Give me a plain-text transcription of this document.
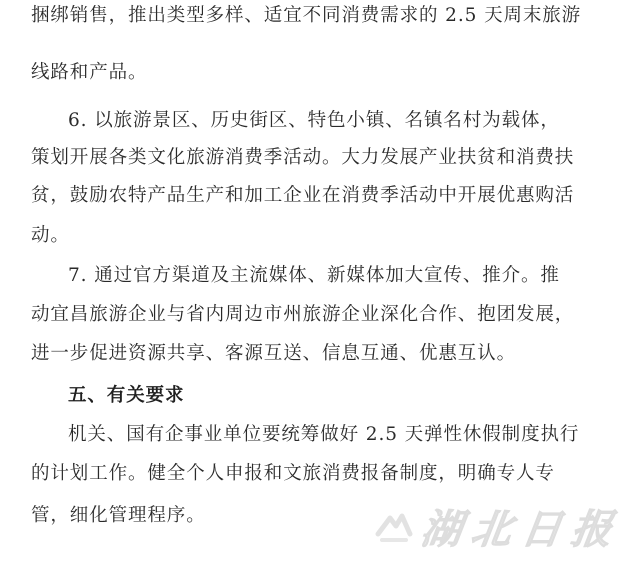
捆绑销售，推出类型多样、适宜不同消费需求的 2.5 天周末旅游
线路和产品。
6. 以旅游景区、历史街区、特色小镇、名镇名村为载体，
策划开展各类文化旅游消费季活动。大力发展产业扶贫和消费扶
贫，鼓励农特产品生产和加工企业在消费季活动中开展优惠购活
动。
7. 通过官方渠道及主流媒体、新媒体加大宣传、推介。推
动宜昌旅游企业与省内周边市州旅游企业深化合作、抱团发展，
进一步促进资源共享、客源互送、信息互通、优惠互认。
五、有关要求
机关、国有企事业单位要统筹做好 2.5 天弹性休假制度执行
的计划工作。健全个人申报和文旅消费报备制度，明确专人专
管，细化管理程序。	湖北日报
